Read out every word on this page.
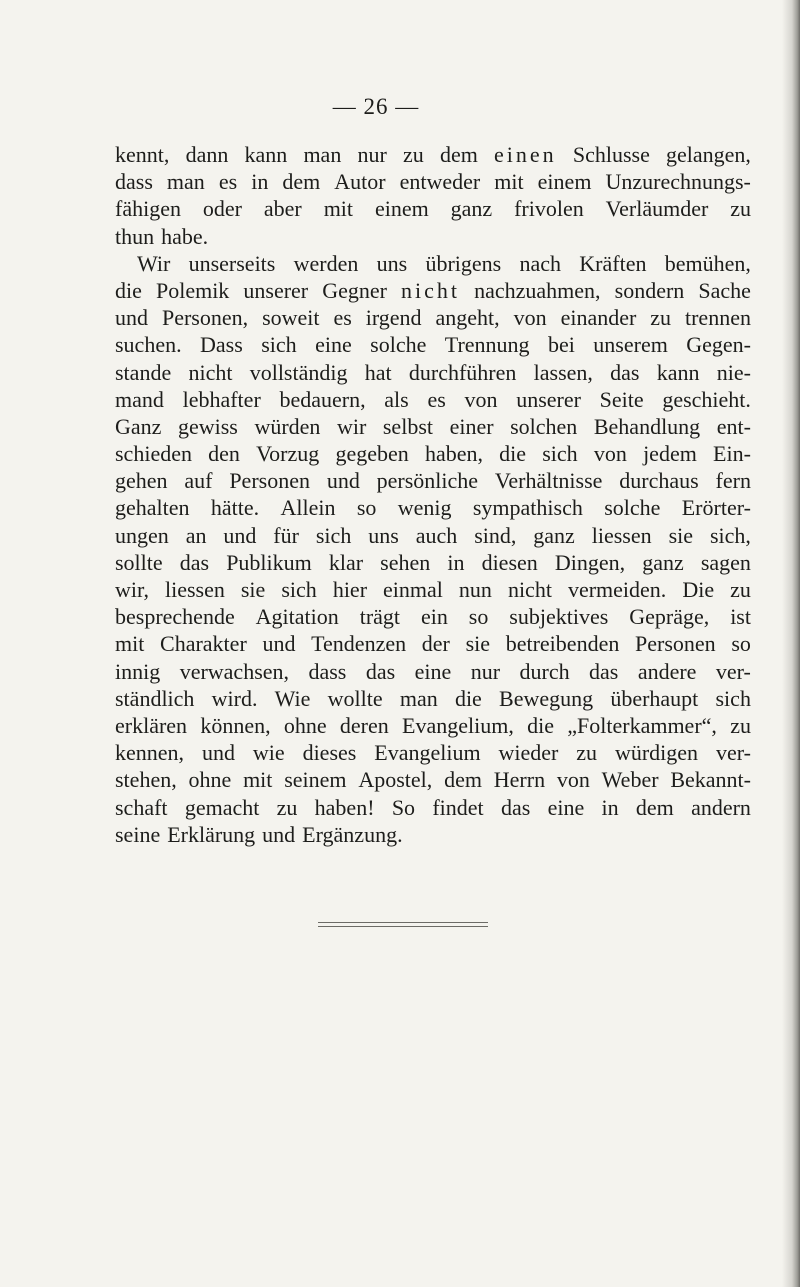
— 26 —
kennt, dann kann man nur zu dem einen Schlusse gelangen,
dass man es in dem Autor entweder mit einem Unzurechnungs-
fähigen oder aber mit einem ganz frivolen Verläumder zu
thun habe.
Wir unserseits werden uns übrigens nach Kräften bemühen,
die Polemik unserer Gegner nicht nachzuahmen, sondern Sache
und Personen, soweit es irgend angeht, von einander zu trennen
suchen. Dass sich eine solche Trennung bei unserem Gegen-
stande nicht vollständig hat durchführen lassen, das kann nie-
mand lebhafter bedauern, als es von unserer Seite geschieht.
Ganz gewiss würden wir selbst einer solchen Behandlung ent-
schieden den Vorzug gegeben haben, die sich von jedem Ein-
gehen auf Personen und persönliche Verhältnisse durchaus fern
gehalten hätte. Allein so wenig sympathisch solche Erörter-
ungen an und für sich uns auch sind, ganz liessen sie sich,
sollte das Publikum klar sehen in diesen Dingen, ganz sagen
wir, liessen sie sich hier einmal nun nicht vermeiden. Die zu
besprechende Agitation trägt ein so subjektives Gepräge, ist
mit Charakter und Tendenzen der sie betreibenden Personen so
innig verwachsen, dass das eine nur durch das andere ver-
ständlich wird. Wie wollte man die Bewegung überhaupt sich
erklären können, ohne deren Evangelium, die „Folterkammer“, zu
kennen, und wie dieses Evangelium wieder zu würdigen ver-
stehen, ohne mit seinem Apostel, dem Herrn von Weber Bekannt-
schaft gemacht zu haben! So findet das eine in dem andern
seine Erklärung und Ergänzung.
